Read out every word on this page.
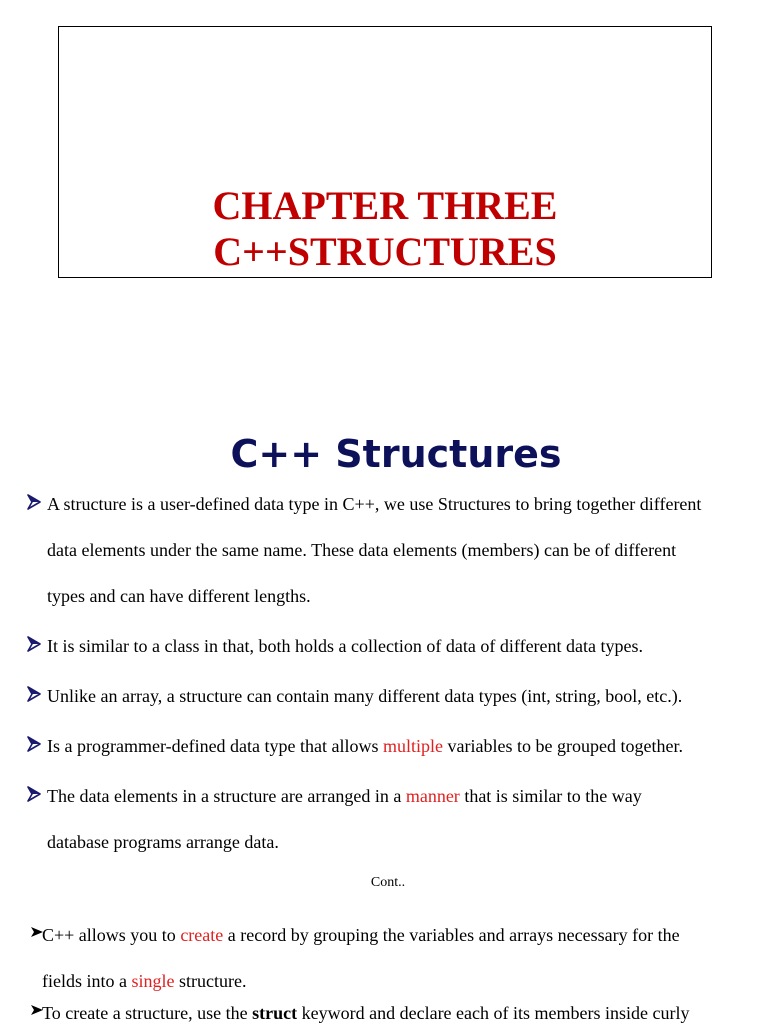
CHAPTER THREE
C++STRUCTURES
C++ Structures
A structure is a user-defined data type in C++, we use Structures to bring together different
data elements under the same name. These data elements (members) can be of different
types and can have different lengths.
It is similar to a class in that, both holds a collection of data of different data types.
Unlike an array, a structure can contain many different data types (int, string, bool, etc.).
Is a programmer-defined data type that allows multiple variables to be grouped together.
The data elements in a structure are arranged in a manner that is similar to the way
database programs arrange data.
Cont..
C++ allows you to create a record by grouping the variables and arrays necessary for the
fields into a single structure.
To create a structure, use the struct keyword and declare each of its members inside curly
